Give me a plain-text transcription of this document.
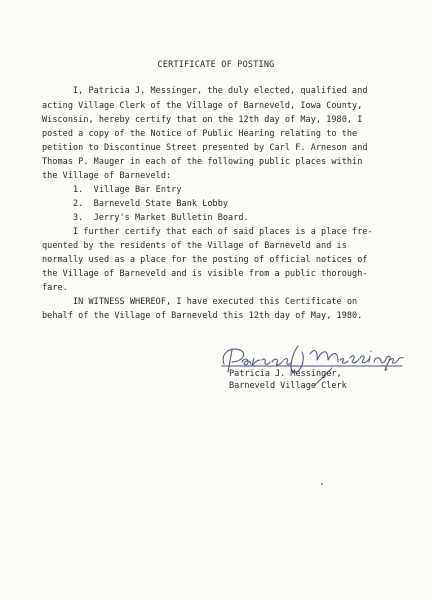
CERTIFICATE OF POSTING
I, Patricia J. Messinger, the duly elected, qualified and
acting Village Clerk of the Village of Barneveld, Iowa County,
Wisconsin, hereby certify that on the 12th day of May, 1980, I
posted a copy of the Notice of Public Hearing relating to the
petition to Discontinue Street presented by Carl F. Arneson and
Thomas P. Mauger in each of the following public places within
the Village of Barneveld:
1.  Village Bar Entry
2.  Barneveld State Bank Lobby
3.  Jerry's Market Bulletin Board.
I further certify that each of said places is a place fre-
quented by the residents of the Village of Barneveld and is
normally used as a place for the posting of official notices of
the Village of Barneveld and is visible from a public thorough-
fare.
IN WITNESS WHEREOF, I have executed this Certificate on
behalf of the Village of Barneveld this 12th day of May, 1980.
Patricia J. Messinger,
Barneveld Village Clerk
